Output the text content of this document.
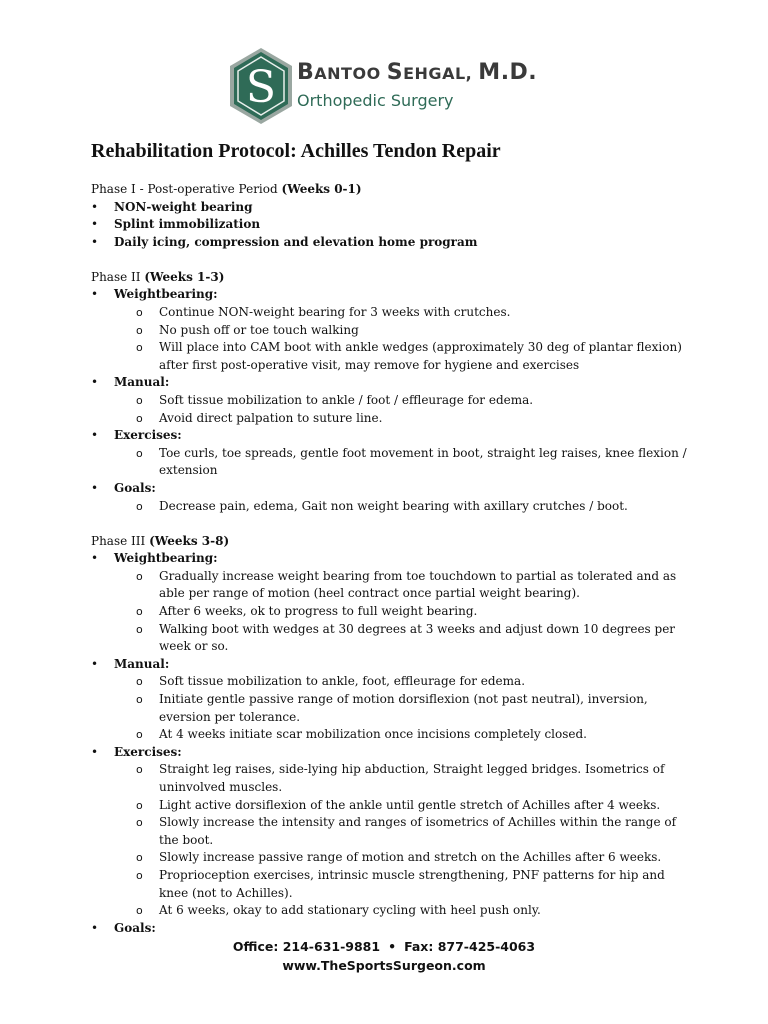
S BANTOO SEHGAL, M.D.
Orthopedic Surgery
Rehabilitation Protocol: Achilles Tendon Repair
Phase I - Post-operative Period (Weeks 0-1)
• NON-weight bearing
• Splint immobilization
• Daily icing, compression and elevation home program
Phase II (Weeks 1-3)
• Weightbearing:
o Continue NON-weight bearing for 3 weeks with crutches.
o No push off or toe touch walking
o Will place into CAM boot with ankle wedges (approximately 30 deg of plantar flexion) after first post-operative visit, may remove for hygiene and exercises
• Manual:
o Soft tissue mobilization to ankle / foot / effleurage for edema.
o Avoid direct palpation to suture line.
• Exercises:
o Toe curls, toe spreads, gentle foot movement in boot, straight leg raises, knee flexion / extension
• Goals:
o Decrease pain, edema, Gait non weight bearing with axillary crutches / boot.
Phase III (Weeks 3-8)
• Weightbearing:
o Gradually increase weight bearing from toe touchdown to partial as tolerated and as able per range of motion (heel contract once partial weight bearing).
o After 6 weeks, ok to progress to full weight bearing.
o Walking boot with wedges at 30 degrees at 3 weeks and adjust down 10 degrees per week or so.
• Manual:
o Soft tissue mobilization to ankle, foot, effleurage for edema.
o Initiate gentle passive range of motion dorsiflexion (not past neutral), inversion, eversion per tolerance.
o At 4 weeks initiate scar mobilization once incisions completely closed.
• Exercises:
o Straight leg raises, side-lying hip abduction, Straight legged bridges. Isometrics of uninvolved muscles.
o Light active dorsiflexion of the ankle until gentle stretch of Achilles after 4 weeks.
o Slowly increase the intensity and ranges of isometrics of Achilles within the range of the boot.
o Slowly increase passive range of motion and stretch on the Achilles after 6 weeks.
o Proprioception exercises, intrinsic muscle strengthening, PNF patterns for hip and knee (not to Achilles).
o At 6 weeks, okay to add stationary cycling with heel push only.
• Goals:
Office: 214-631-9881 • Fax: 877-425-4063
www.TheSportsSurgeon.com
